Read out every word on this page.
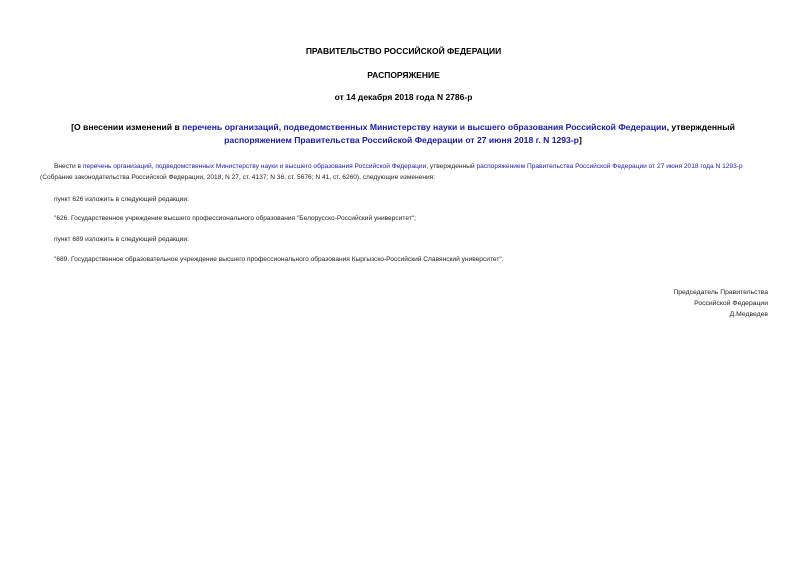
ПРАВИТЕЛЬСТВО РОССИЙСКОЙ ФЕДЕРАЦИИ
РАСПОРЯЖЕНИЕ
от 14 декабря 2018 года N 2786-р
[О внесении изменений в перечень организаций, подведомственных Министерству науки и высшего образования Российской Федерации, утвержденный распоряжением Правительства Российской Федерации от 27 июня 2018 г. N 1293-р]
Внести в перечень организаций, подведомственных Министерству науки и высшего образования Российской Федерации, утвержденный распоряжением Правительства Российской Федерации от 27 июня 2018 года N 1293-р (Собрание законодательства Российской Федерации, 2018, N 27, ст. 4137; N 36, ст. 5676; N 41, ст. 6260), следующие изменения:
пункт 626 изложить в следующей редакции:
"626. Государственное учреждение высшего профессионального образования "Белорусско-Российский университет";
пункт 689 изложить в следующей редакции:
"689. Государственное образовательное учреждение высшего профессионального образования Кыргызско-Российский Славянский университет".
Председатель Правительства
Российской Федерации
Д.Медведев
